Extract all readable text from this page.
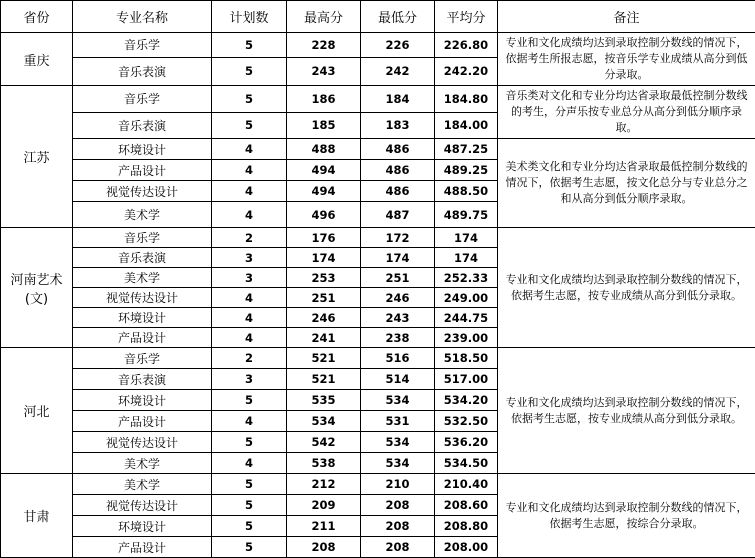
省份	专业名称	计划数	最高分	最低分	平均分	备注
重庆	音乐学	5	228	226	226.80	专业和文化成绩均达到录取控制分数线的情况下，依据考生所报志愿，按音乐学专业成绩从高分到低分录取。
	音乐表演	5	243	242	242.20	
江苏	音乐学	5	186	184	184.80	音乐类对文化和专业分均达省录取最低控制分数线的考生，分声乐按专业总分从高分到低分顺序录取。
	音乐表演	5	185	183	184.00	
	环境设计	4	488	486	487.25	美术类文化和专业分均达省录取最低控制分数线的情况下，依据考生志愿，按文化总分与专业总分之和从高分到低分顺序录取。
	产品设计	4	494	486	489.25	
	视觉传达设计	4	494	486	488.50	
	美术学	4	496	487	489.75	
河南艺术(文)	音乐学	2	176	172	174	专业和文化成绩均达到录取控制分数线的情况下，依据考生志愿，按专业成绩从高分到低分录取。
	音乐表演	3	174	174	174	
	美术学	3	253	251	252.33	
	视觉传达设计	4	251	246	249.00	
	环境设计	4	246	243	244.75	
	产品设计	4	241	238	239.00	
河北	音乐学	2	521	516	518.50	专业和文化成绩均达到录取控制分数线的情况下，依据考生志愿，按专业成绩从高分到低分录取。
	音乐表演	3	521	514	517.00	
	环境设计	5	535	534	534.20	
	产品设计	4	534	531	532.50	
	视觉传达设计	5	542	534	536.20	
	美术学	4	538	534	534.50	
甘肃	美术学	5	212	210	210.40	专业和文化成绩均达到录取控制分数线的情况下，依据考生志愿，按综合分录取。
	视觉传达设计	5	209	208	208.60	
	环境设计	5	211	208	208.80	
	产品设计	5	208	208	208.00	
